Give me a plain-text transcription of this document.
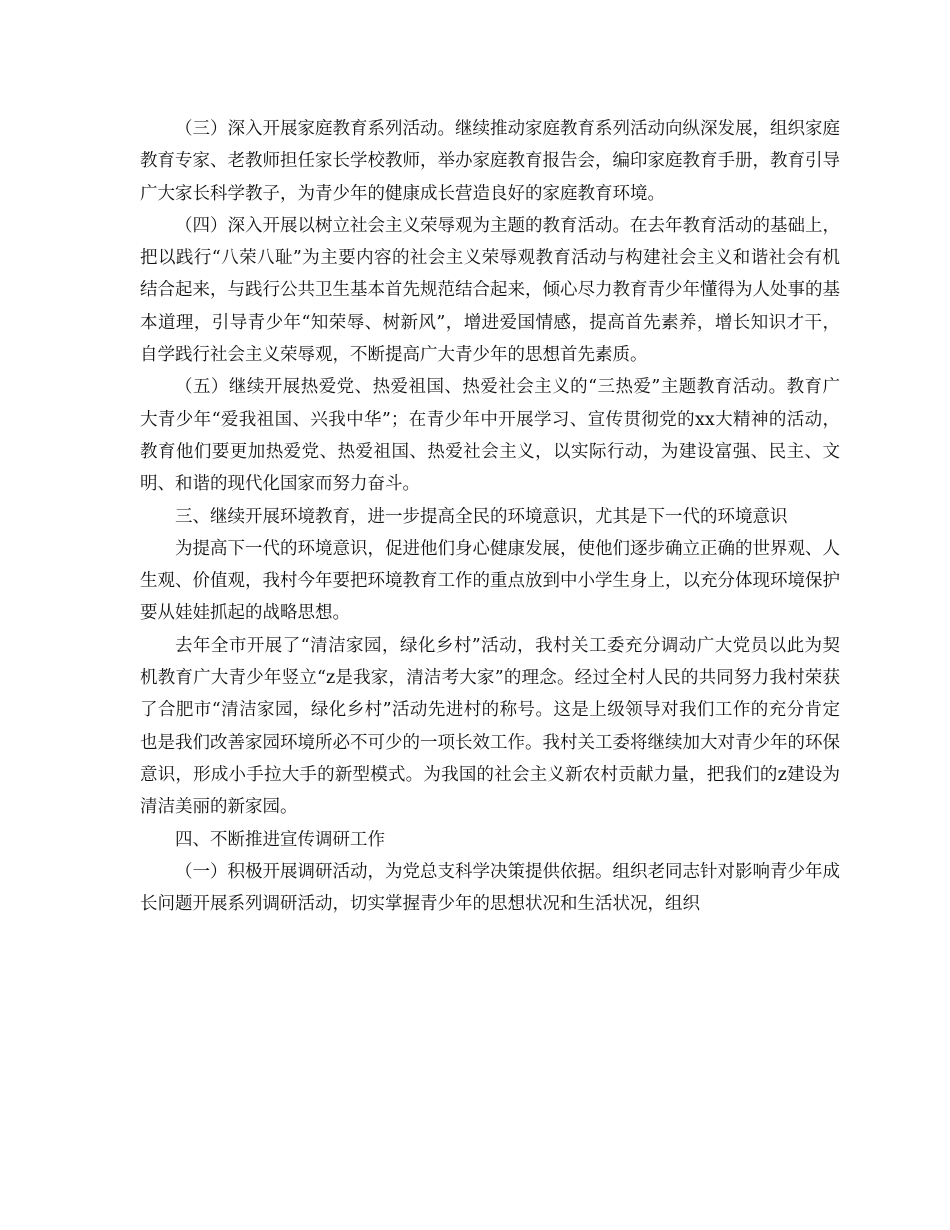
（三）深入开展家庭教育系列活动。继续推动家庭教育系列活动向纵深发展，组织家庭教育专家、老教师担任家长学校教师，举办家庭教育报告会，编印家庭教育手册，教育引导广大家长科学教子，为青少年的健康成长营造良好的家庭教育环境。

（四）深入开展以树立社会主义荣辱观为主题的教育活动。在去年教育活动的基础上，把以践行“八荣八耻”为主要内容的社会主义荣辱观教育活动与构建社会主义和谐社会有机结合起来，与践行公共卫生基本首先规范结合起来，倾心尽力教育青少年懂得为人处事的基本道理，引导青少年“知荣辱、树新风”，增进爱国情感，提高首先素养，增长知识才干，自学践行社会主义荣辱观，不断提高广大青少年的思想首先素质。

（五）继续开展热爱党、热爱祖国、热爱社会主义的“三热爱”主题教育活动。教育广大青少年“爱我祖国、兴我中华”；在青少年中开展学习、宣传贯彻党的xx大精神的活动，教育他们要更加热爱党、热爱祖国、热爱社会主义，以实际行动，为建设富强、民主、文明、和谐的现代化国家而努力奋斗。

三、继续开展环境教育，进一步提高全民的环境意识，尤其是下一代的环境意识

为提高下一代的环境意识，促进他们身心健康发展，使他们逐步确立正确的世界观、人生观、价值观，我村今年要把环境教育工作的重点放到中小学生身上，以充分体现环境保护要从娃娃抓起的战略思想。

去年全市开展了“清洁家园，绿化乡村”活动，我村关工委充分调动广大党员以此为契机教育广大青少年竖立“z是我家，清洁考大家”的理念。经过全村人民的共同努力我村荣获了合肥市“清洁家园，绿化乡村”活动先进村的称号。这是上级领导对我们工作的充分肯定也是我们改善家园环境所必不可少的一项长效工作。我村关工委将继续加大对青少年的环保意识，形成小手拉大手的新型模式。为我国的社会主义新农村贡献力量，把我们的z建设为清洁美丽的新家园。

四、不断推进宣传调研工作

（一）积极开展调研活动，为党总支科学决策提供依据。组织老同志针对影响青少年成长问题开展系列调研活动，切实掌握青少年的思想状况和生活状况，组织
